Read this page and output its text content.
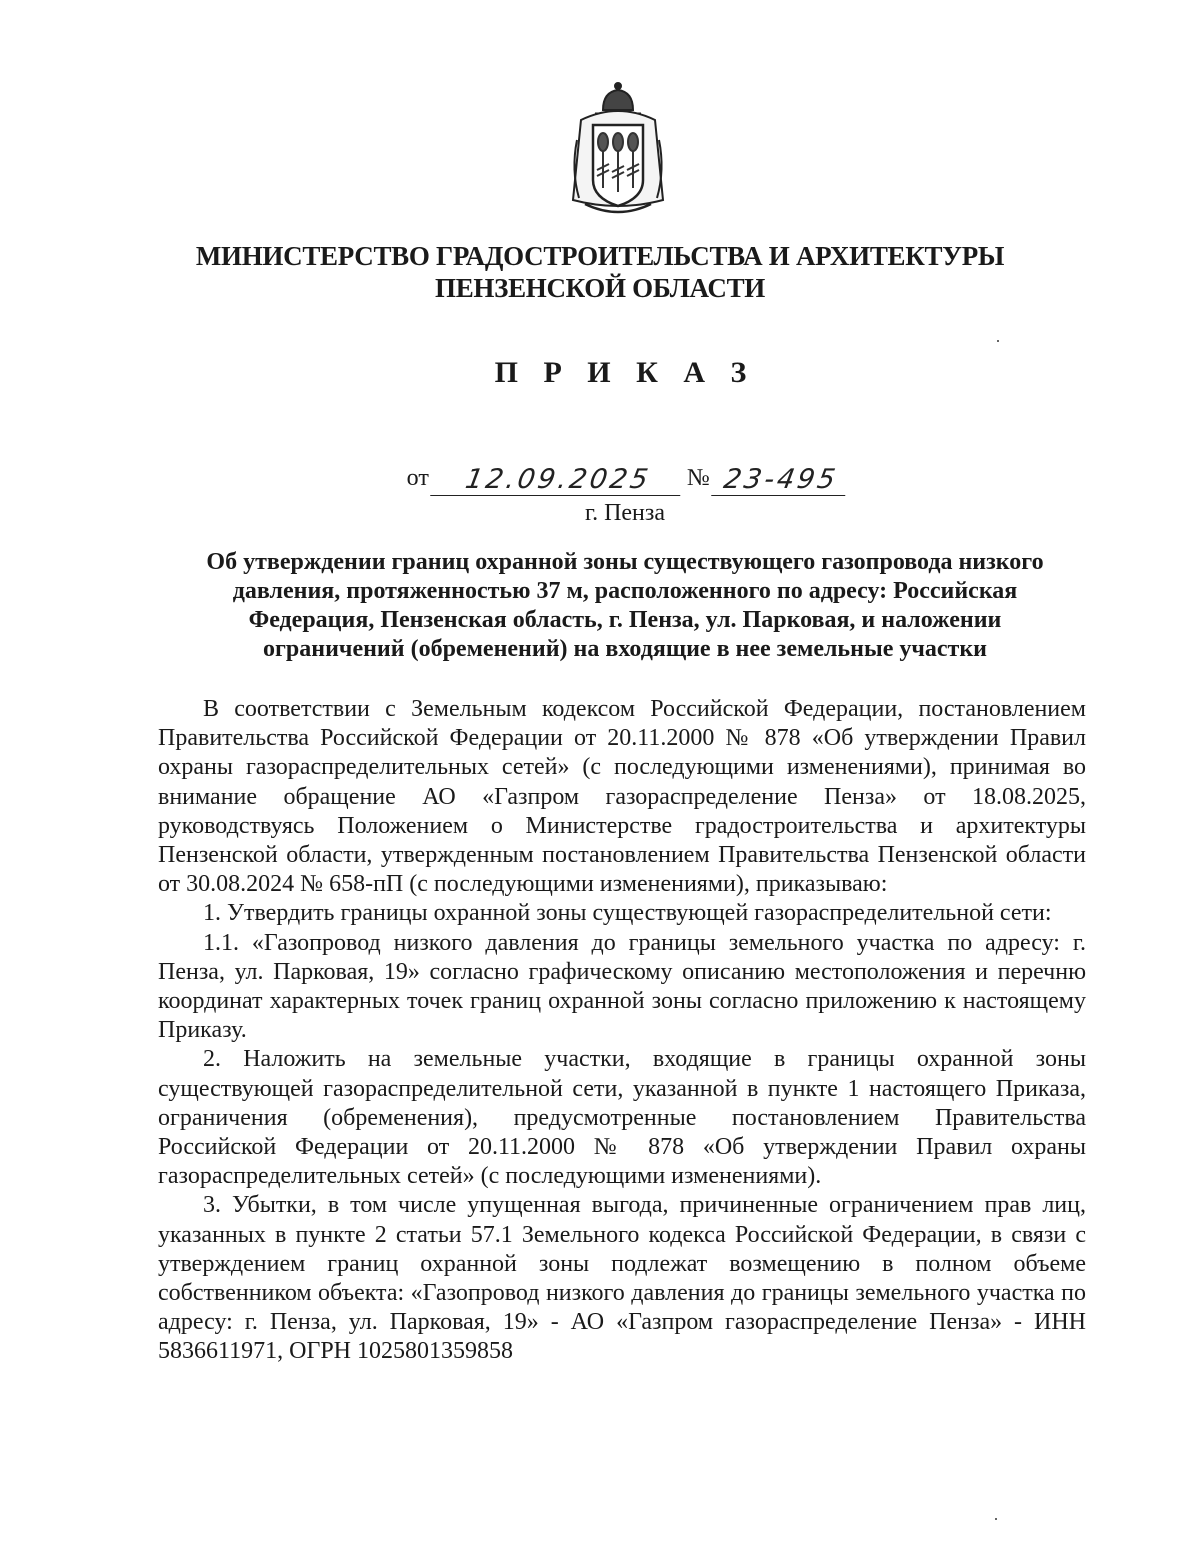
МИНИСТЕРСТВО ГРАДОСТРОИТЕЛЬСТВА И АРХИТЕКТУРЫ
ПЕНЗЕНСКОЙ ОБЛАСТИ
П Р И К А З
от	12.09.2025	№ 23-495
г. Пенза
Об утверждении границ охранной зоны существующего газопровода низкого
давления, протяженностью 37 м, расположенного по адресу: Российская
Федерация, Пензенская область, г. Пенза, ул. Парковая, и наложении
ограничений (обременений) на входящие в нее земельные участки

В соответствии с Земельным кодексом Российской Федерации, постановлением Правительства Российской Федерации от 20.11.2000 № 878 «Об утверждении Правил охраны газораспределительных сетей» (с последующими изменениями), принимая во внимание обращение АО «Газпром газораспределение Пенза» от 18.08.2025, руководствуясь Положением о Министерстве градостроительства и архитектуры Пензенской области, утвержденным постановлением Правительства Пензенской области от 30.08.2024 № 658-пП (с последующими изменениями), приказываю:

1. Утвердить границы охранной зоны существующей газораспределительной сети:

1.1. «Газопровод низкого давления до границы земельного участка по адресу: г. Пенза, ул. Парковая, 19» согласно графическому описанию местоположения и перечню координат характерных точек границ охранной зоны согласно приложению к настоящему Приказу.

2. Наложить на земельные участки, входящие в границы охранной зоны существующей газораспределительной сети, указанной в пункте 1 настоящего Приказа, ограничения (обременения), предусмотренные постановлением Правительства Российской Федерации от 20.11.2000 № 878 «Об утверждении Правил охраны газораспределительных сетей» (с последующими изменениями).

3. Убытки, в том числе упущенная выгода, причиненные ограничением прав лиц, указанных в пункте 2 статьи 57.1 Земельного кодекса Российской Федерации, в связи с утверждением границ охранной зоны подлежат возмещению в полном объеме собственником объекта: «Газопровод низкого давления до границы земельного участка по адресу: г. Пенза, ул. Парковая, 19» - АО «Газпром газораспределение Пенза» - ИНН 5836611971, ОГРН 1025801359858
